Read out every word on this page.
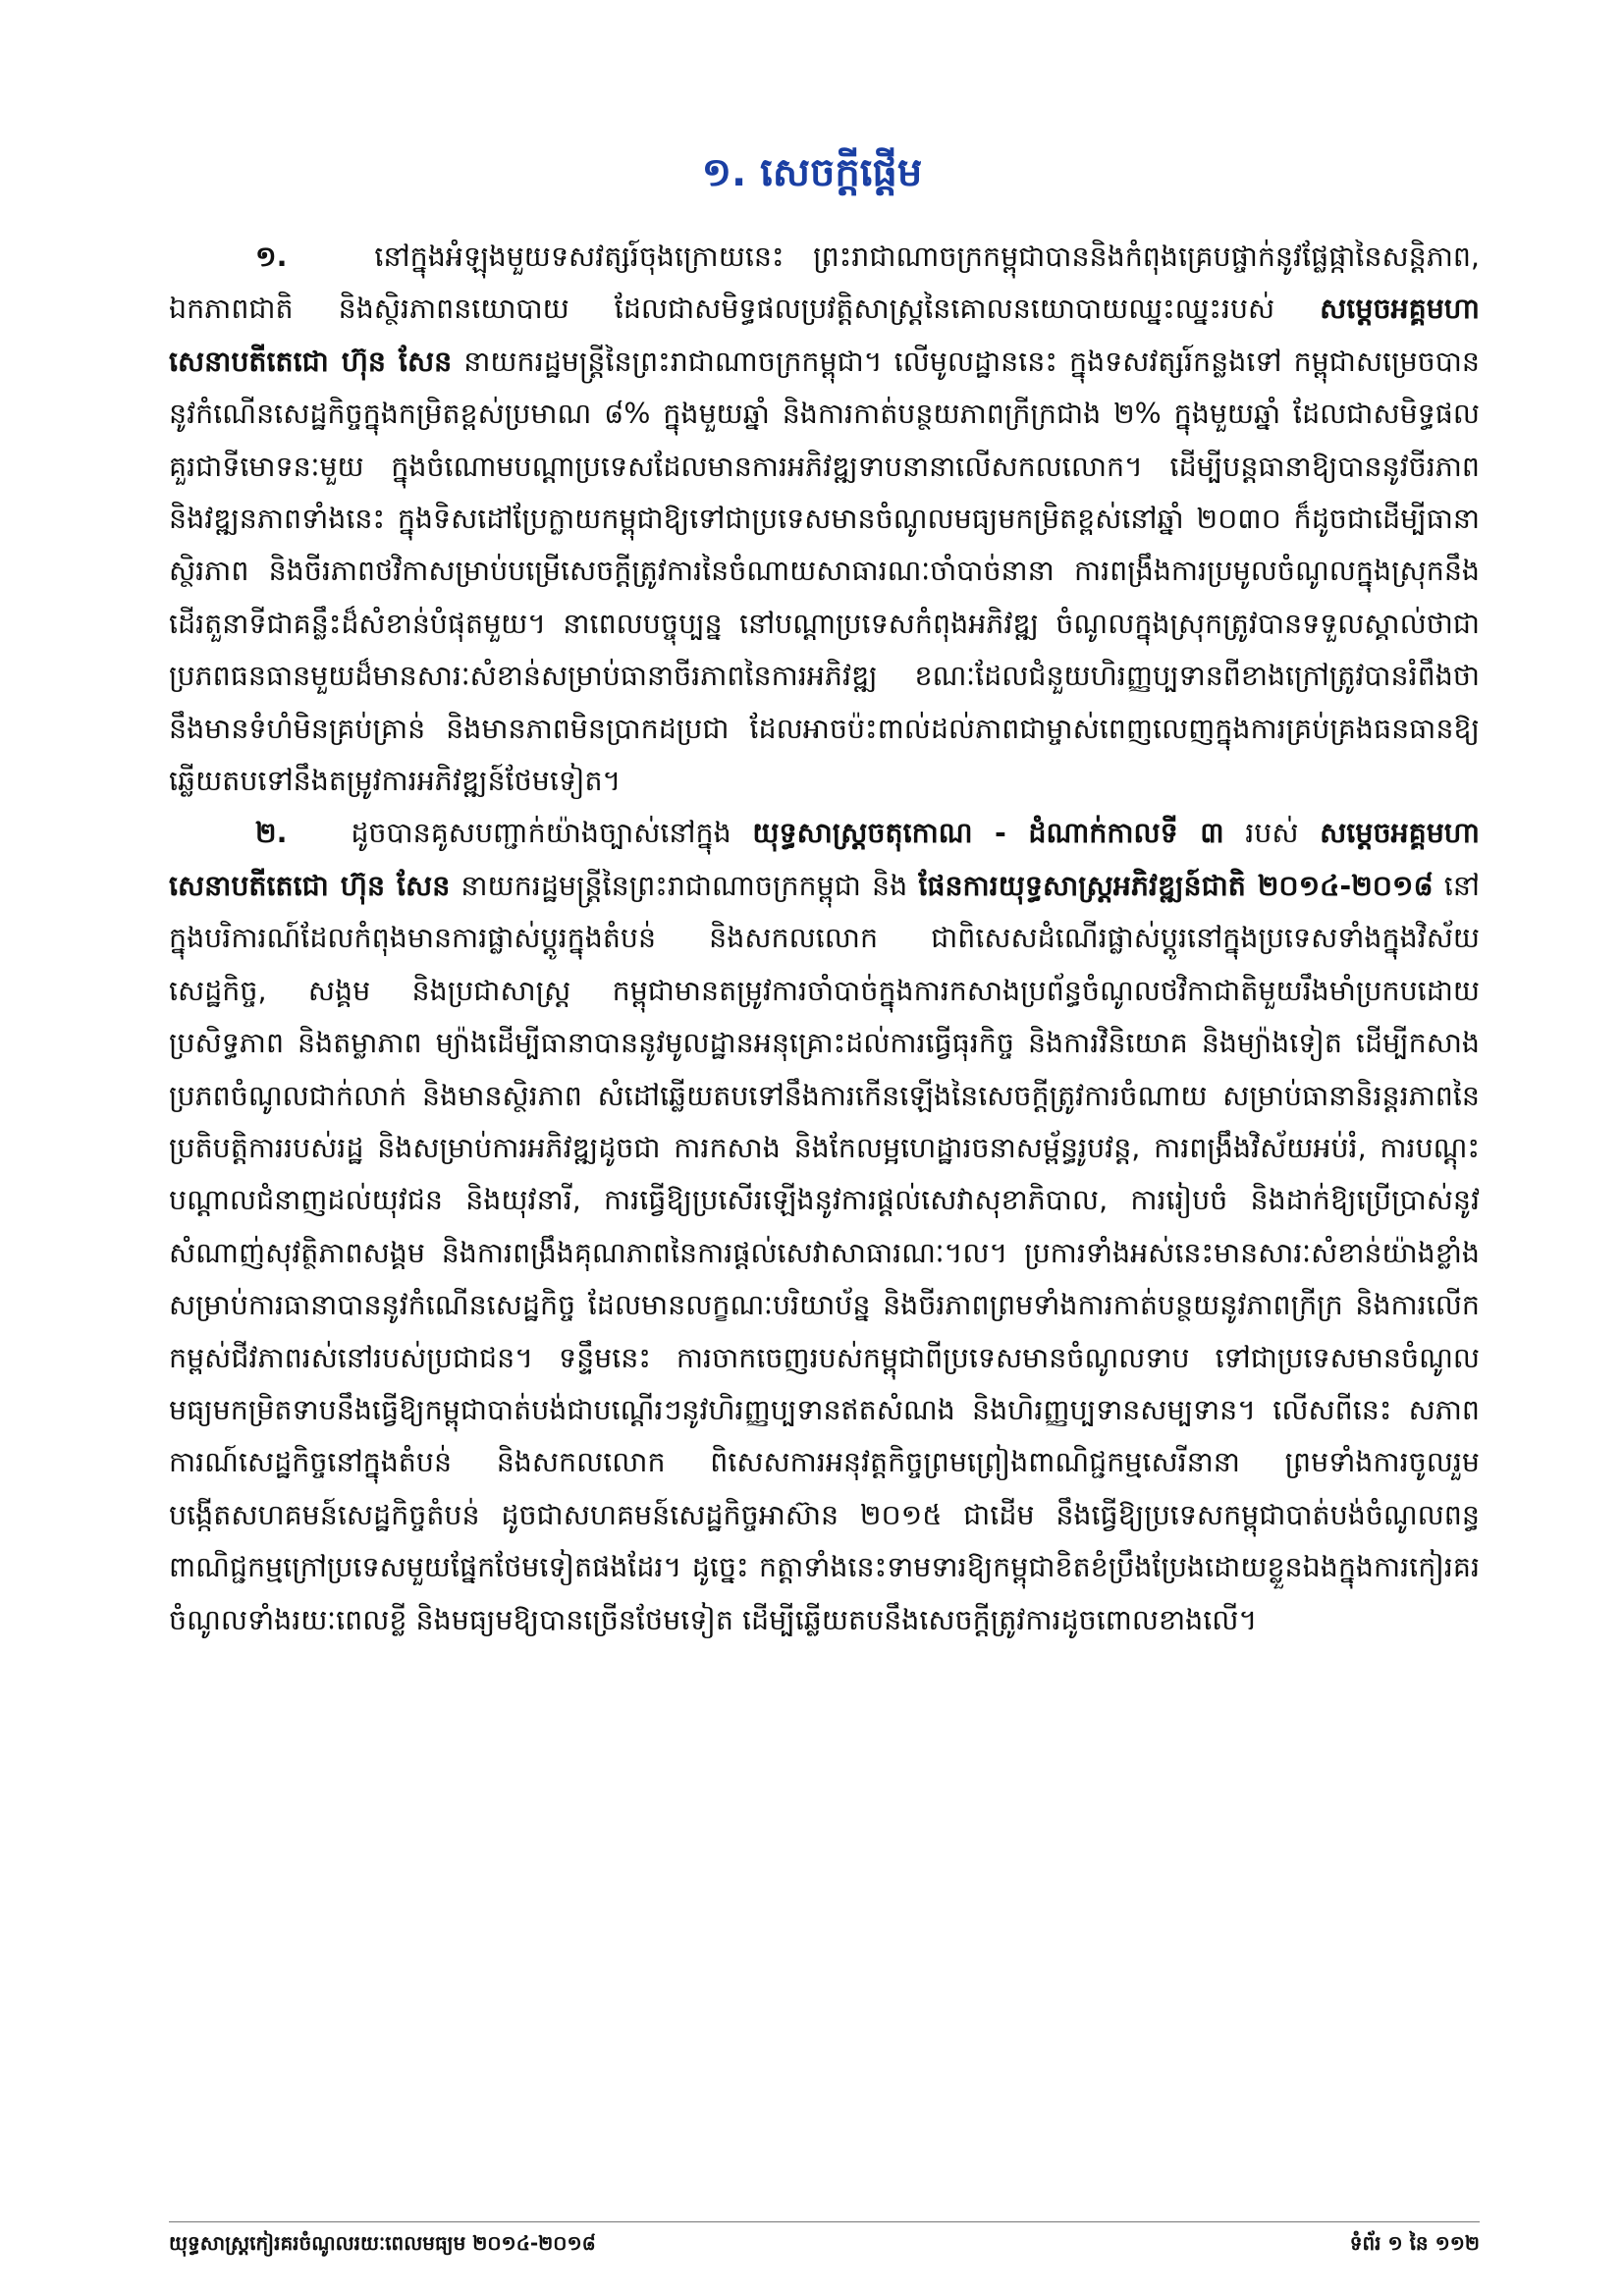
១. សេចក្តីផ្តើម

១.	នៅក្នុងអំឡុងមួយទសវត្សរ៍ចុងក្រោយនេះ ព្រះរាជាណាចក្រកម្ពុជាបាននិងកំពុងគ្រេបផ្ចាក់នូវផ្លែផ្កានៃសន្តិភាព, ឯកភាពជាតិ និងស្ថិរភាពនយោបាយ ដែលជាសមិទ្ធផលប្រវត្តិសាស្ត្រនៃគោលនយោបាយឈ្នះឈ្នះរបស់ សម្តេចអគ្គមហាសេនាបតីតេជោ ហ៊ុន សែន នាយករដ្ឋមន្ត្រីនៃព្រះរាជាណាចក្រកម្ពុជា។ លើមូលដ្ឋាននេះ ក្នុងទសវត្សរ៍កន្លងទៅ កម្ពុជាសម្រេចបាននូវកំណើនសេដ្ឋកិច្ចក្នុងកម្រិតខ្ពស់ប្រមាណ ៨% ក្នុងមួយឆ្នាំ និងការកាត់បន្ថយភាពក្រីក្រជាង ២% ក្នុងមួយឆ្នាំ ដែលជាសមិទ្ធផលគួរជាទីមោទនៈមួយ ក្នុងចំណោមបណ្តាប្រទេសដែលមានការអភិវឌ្ឍទាបនានាលើសកលលោក។ ដើម្បីបន្តធានាឱ្យបាននូវចីរភាព និងវឌ្ឍនភាពទាំងនេះ ក្នុងទិសដៅប្រែក្លាយកម្ពុជាឱ្យទៅជាប្រទេសមានចំណូលមធ្យមកម្រិតខ្ពស់នៅឆ្នាំ ២០៣០ ក៏ដូចជាដើម្បីធានាស្ថិរភាព និងចីរភាពថវិកាសម្រាប់បម្រើសេចក្តីត្រូវការនៃចំណាយសាធារណៈចាំបាច់នានា ការពង្រឹងការប្រមូលចំណូលក្នុងស្រុកនឹងដើរតួនាទីជាគន្លឹះដ៏សំខាន់បំផុតមួយ។ នាពេលបច្ចុប្បន្ន នៅបណ្តាប្រទេសកំពុងអភិវឌ្ឍ ចំណូលក្នុងស្រុកត្រូវបានទទួលស្គាល់ថាជាប្រភពធនធានមួយដ៏មានសារៈសំខាន់សម្រាប់ធានាចីរភាពនៃការអភិវឌ្ឍ ខណៈដែលជំនួយហិរញ្ញប្បទានពីខាងក្រៅត្រូវបានរំពឹងថានឹងមានទំហំមិនគ្រប់គ្រាន់ និងមានភាពមិនប្រាកដប្រជា ដែលអាចប៉ះពាល់ដល់ភាពជាម្ចាស់ពេញលេញក្នុងការគ្រប់គ្រងធនធានឱ្យឆ្លើយតបទៅនឹងតម្រូវការអភិវឌ្ឍន៍ថែមទៀត។

២. ដូចបានគូសបញ្ជាក់យ៉ាងច្បាស់នៅក្នុង យុទ្ធសាស្ត្រចតុកោណ - ដំណាក់កាលទី ៣ របស់ សម្តេចអគ្គមហាសេនាបតីតេជោ ហ៊ុន សែន នាយករដ្ឋមន្ត្រីនៃព្រះរាជាណាចក្រកម្ពុជា និង ផែនការយុទ្ធសាស្ត្រអភិវឌ្ឍន៍ជាតិ ២០១៤-២០១៨ នៅក្នុងបរិការណ៍ដែលកំពុងមានការផ្លាស់ប្តូរក្នុងតំបន់ និងសកលលោក ជាពិសេសដំណើរផ្លាស់ប្តូរនៅក្នុងប្រទេសទាំងក្នុងវិស័យសេដ្ឋកិច្ច, សង្គម និងប្រជាសាស្ត្រ កម្ពុជាមានតម្រូវការចាំបាច់ក្នុងការកសាងប្រព័ន្ធចំណូលថវិកាជាតិមួយរឹងមាំប្រកបដោយប្រសិទ្ធភាព និងតម្លាភាព ម្យ៉ាងដើម្បីធានាបាននូវមូលដ្ឋានអនុគ្រោះដល់ការធ្វើធុរកិច្ច និងការវិនិយោគ និងម្យ៉ាងទៀត ដើម្បីកសាងប្រភពចំណូលជាក់លាក់ និងមានស្ថិរភាព សំដៅឆ្លើយតបទៅនឹងការកើនឡើងនៃសេចក្តីត្រូវការចំណាយ សម្រាប់ធានានិរន្តរភាពនៃប្រតិបត្តិការរបស់រដ្ឋ និងសម្រាប់ការអភិវឌ្ឍដូចជា ការកសាង និងកែលម្អហេដ្ឋារចនាសម្ព័ន្ធរូបវន្ត, ការពង្រឹងវិស័យអប់រំ, ការបណ្តុះបណ្តាលជំនាញដល់យុវជន និងយុវនារី, ការធ្វើឱ្យប្រសើរឡើងនូវការផ្តល់សេវាសុខាភិបាល, ការរៀបចំ និងដាក់ឱ្យប្រើប្រាស់នូវសំណាញ់សុវត្ថិភាពសង្គម និងការពង្រឹងគុណភាពនៃការផ្តល់សេវាសាធារណៈ។ល។ ប្រការទាំងអស់នេះមានសារៈសំខាន់យ៉ាងខ្លាំងសម្រាប់ការធានាបាននូវកំណើនសេដ្ឋកិច្ច ដែលមានលក្ខណៈបរិយាប័ន្ន និងចីរភាពព្រមទាំងការកាត់បន្ថយនូវភាពក្រីក្រ និងការលើកកម្ពស់ជីវភាពរស់នៅរបស់ប្រជាជន។ ទន្ទឹមនេះ ការចាកចេញរបស់កម្ពុជាពីប្រទេសមានចំណូលទាប ទៅជាប្រទេសមានចំណូលមធ្យមកម្រិតទាបនឹងធ្វើឱ្យកម្ពុជាបាត់បង់ជាបណ្តើរៗនូវហិរញ្ញប្បទានឥតសំណង និងហិរញ្ញប្បទានសម្បទាន។ លើសពីនេះ សភាពការណ៍សេដ្ឋកិច្ចនៅក្នុងតំបន់ និងសកលលោក ពិសេសការអនុវត្តកិច្ចព្រមព្រៀងពាណិជ្ជកម្មសេរីនានា ព្រមទាំងការចូលរួមបង្កើតសហគមន៍សេដ្ឋកិច្ចតំបន់ ដូចជាសហគមន៍សេដ្ឋកិច្ចអាស៊ាន ២០១៥ ជាដើម នឹងធ្វើឱ្យប្រទេសកម្ពុជាបាត់បង់ចំណូលពន្ធពាណិជ្ជកម្មក្រៅប្រទេសមួយផ្នែកថែមទៀតផងដែរ។ ដូច្នេះ កត្តាទាំងនេះទាមទារឱ្យកម្ពុជាខិតខំប្រឹងប្រែងដោយខ្លួនឯងក្នុងការកៀរគរចំណូលទាំងរយៈពេលខ្លី និងមធ្យមឱ្យបានច្រើនថែមទៀត ដើម្បីឆ្លើយតបនឹងសេចក្តីត្រូវការដូចពោលខាងលើ។

យុទ្ធសាស្ត្រកៀរគរចំណូលរយៈពេលមធ្យម ២០១៤-២០១៨	ទំព័រ ១ នៃ ១១២
